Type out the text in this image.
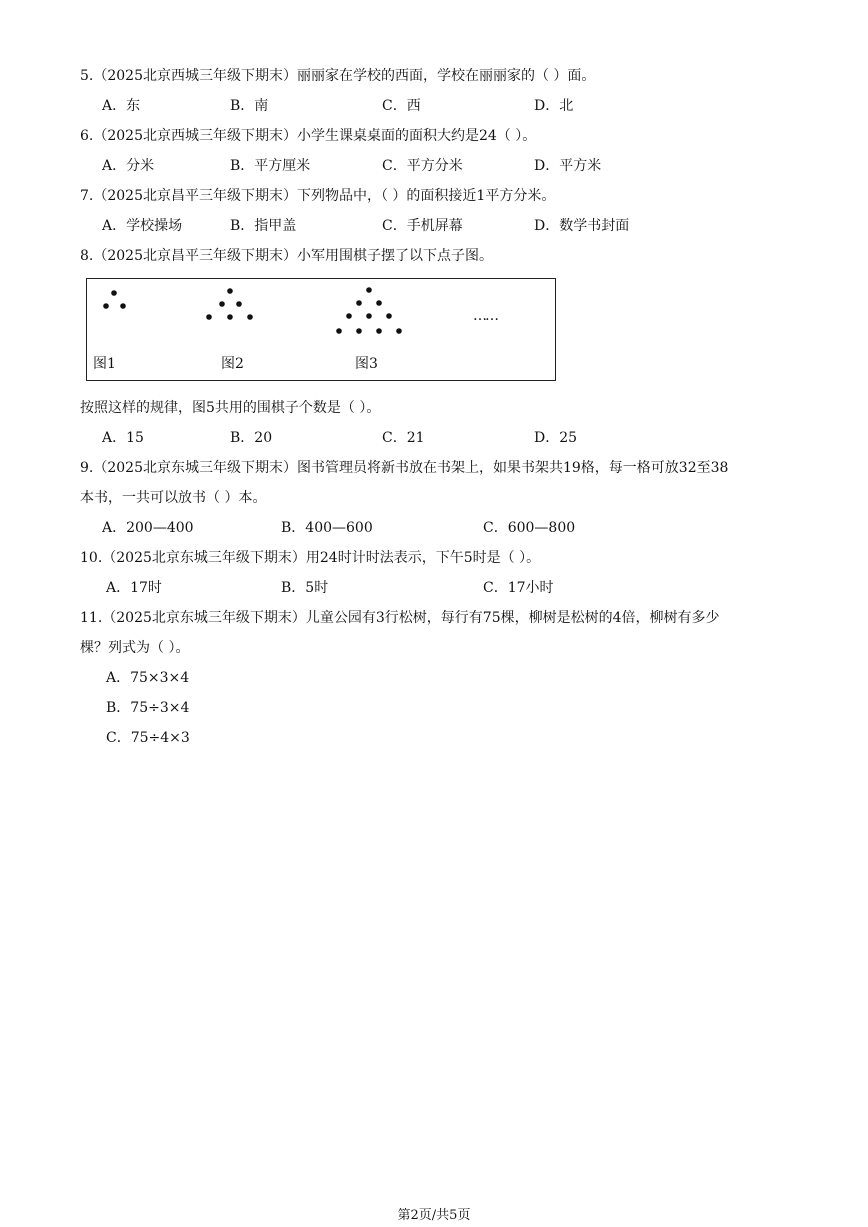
5.（2025北京西城三年级下期末）丽丽家在学校的西面，学校在丽丽家的（ ）面。
A．东	B．南	C．西	D．北
6.（2025北京西城三年级下期末）小学生课桌桌面的面积大约是24（ ）。
A．分米	B．平方厘米	C．平方分米	D．平方米
7.（2025北京昌平三年级下期末）下列物品中，（ ）的面积接近1平方分米。
A．学校操场	B．指甲盖	C．手机屏幕	D．数学书封面
8.（2025北京昌平三年级下期末）小军用围棋子摆了以下点子图。
图1	图2	图3
……
按照这样的规律，图5共用的围棋子个数是（ ）。
A．15	B．20	C．21	D．25
9.（2025北京东城三年级下期末）图书管理员将新书放在书架上，如果书架共19格，每一格可放32至38
本书，一共可以放书（ ）本。
A．200—400	B．400—600	C．600—800
10.（2025北京东城三年级下期末）用24时计时法表示，下午5时是（ ）。
A．17时	B．5时	C．17小时
11.（2025北京东城三年级下期末）儿童公园有3行松树，每行有75棵，柳树是松树的4倍，柳树有多少
棵？列式为（ ）。
A．75×3×4
B．75÷3×4
C．75÷4×3
第2页/共5页
